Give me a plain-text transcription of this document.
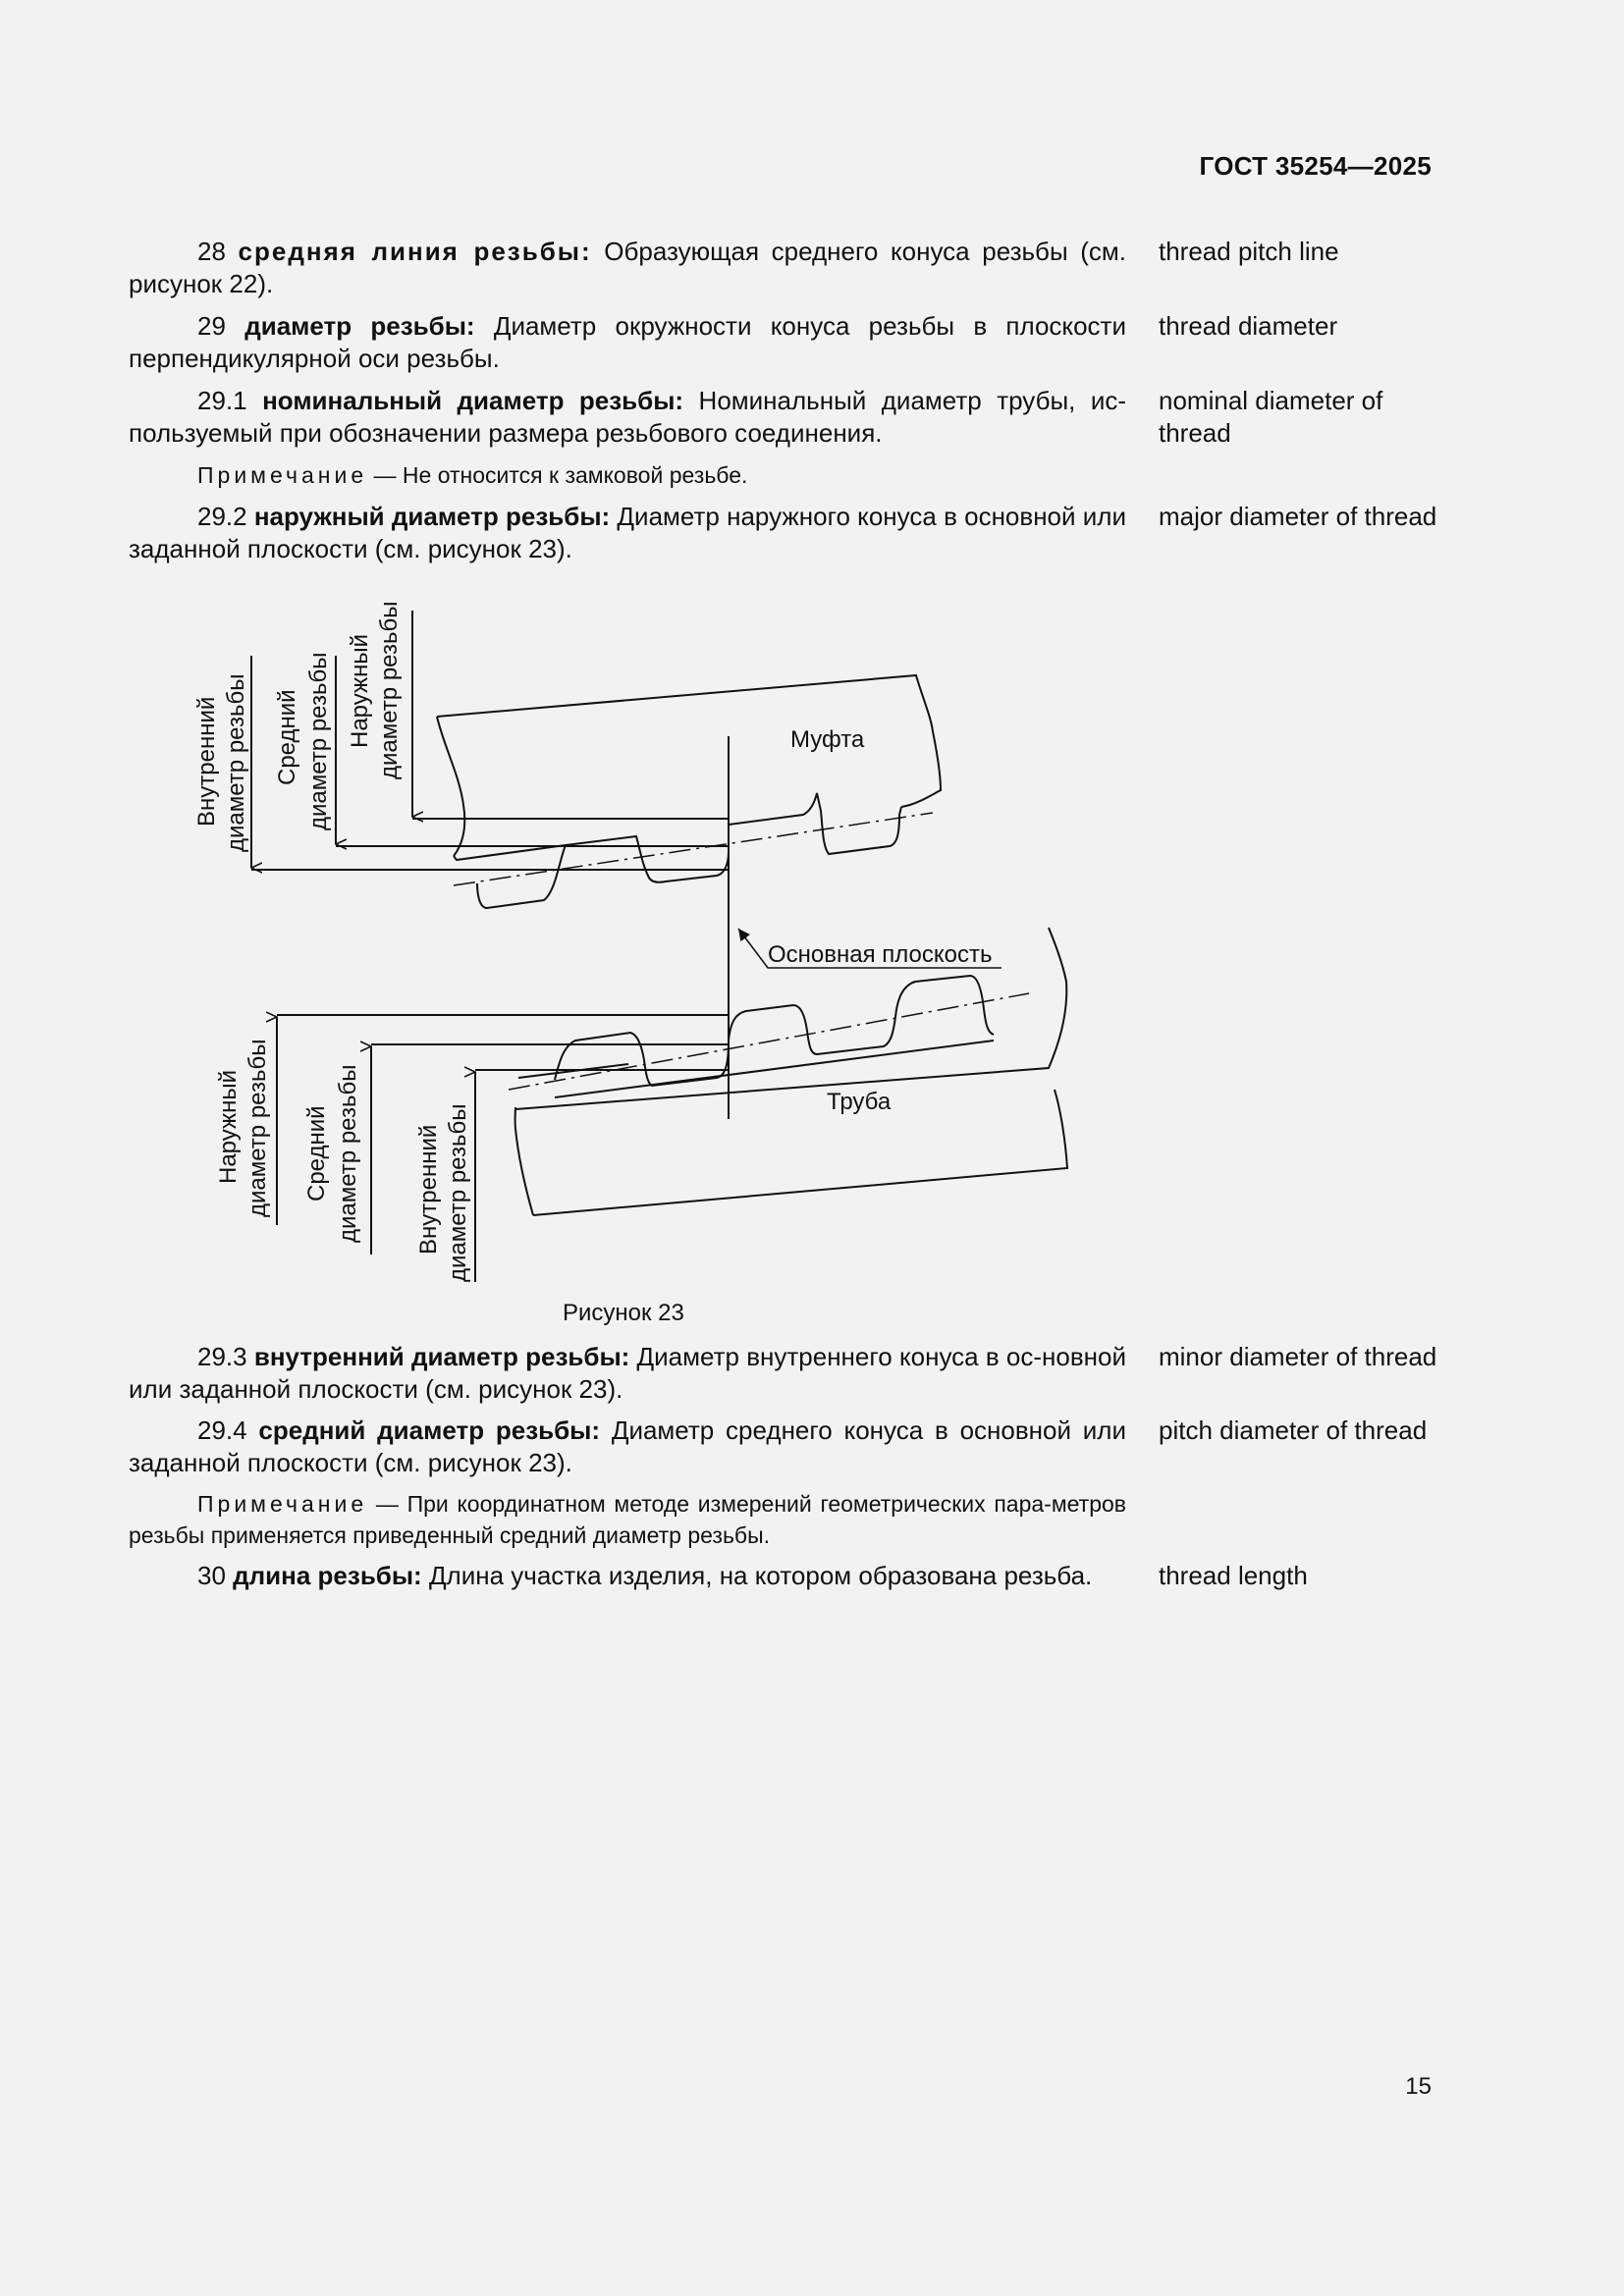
ГОСТ 35254—2025
28 средняя линия резьбы: Образующая среднего конуса резьбы (см. рисунок 22).
thread pitch line
29 диаметр резьбы: Диаметр окружности конуса резьбы в плоскости перпендикулярной оси резьбы.
thread diameter
29.1 номинальный диаметр резьбы: Номинальный диаметр трубы, ис-пользуемый при обозначении размера резьбового соединения.
nominal diameter of thread
Примечание — Не относится к замковой резьбе.
29.2 наружный диаметр резьбы: Диаметр наружного конуса в основной или заданной плоскости (см. рисунок 23).
major diameter of thread
Муфта
Труба
Основная плоскость
Внутренний диаметр резьбы Средний диаметр резьбы Наружный диаметр резьбы
Наружный диаметр резьбы Средний диаметр резьбы Внутренний диаметр резьбы
Рисунок 23
29.3 внутренний диаметр резьбы: Диаметр внутреннего конуса в ос-новной или заданной плоскости (см. рисунок 23).
minor diameter of thread
29.4 средний диаметр резьбы: Диаметр среднего конуса в основной или заданной плоскости (см. рисунок 23).
pitch diameter of thread
Примечание — При координатном методе измерений геометрических пара-метров резьбы применяется приведенный средний диаметр резьбы.
30 длина резьбы: Длина участка изделия, на котором образована резьба.	thread length
15
